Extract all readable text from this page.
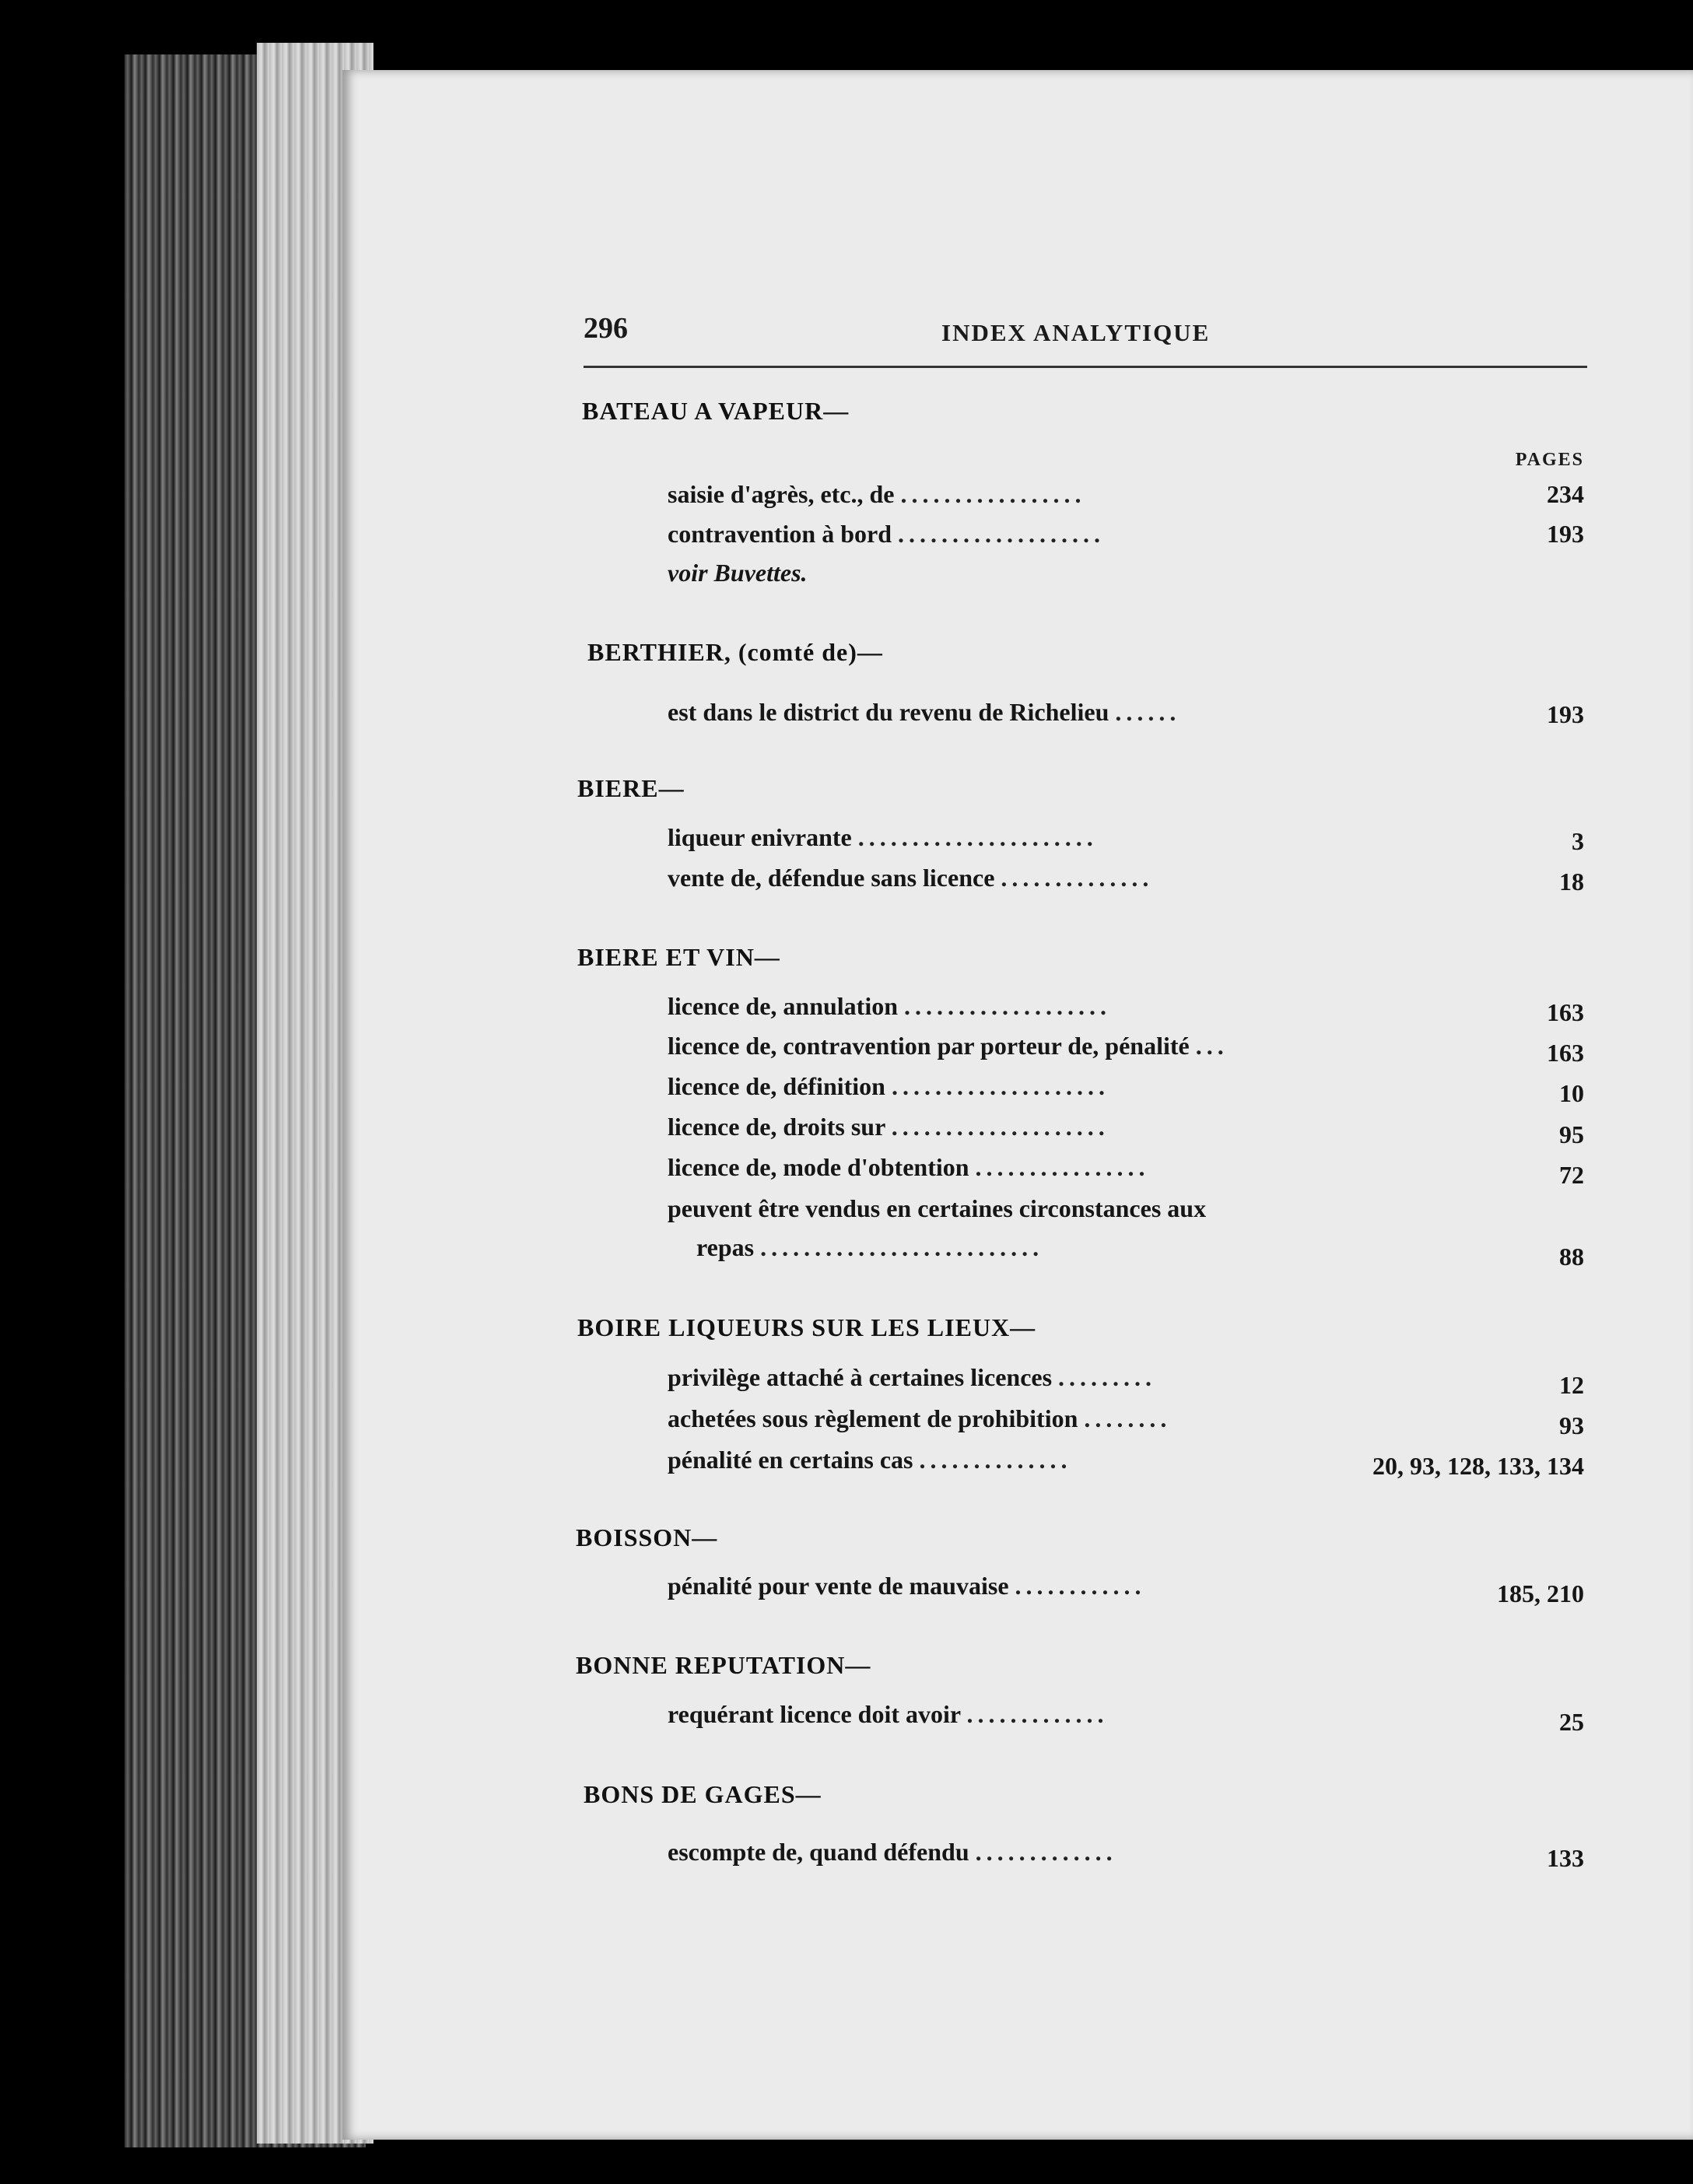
296	INDEX ANALYTIQUE
PAGES
BATEAU A VAPEUR—
saisie d'agrès, etc., de .................	234
contravention à bord ...................	193
voir Buvettes.
BERTHIER, (comté de)—
est dans le district du revenu de Richelieu ......	193
BIERE—
liqueur enivrante ......................	3
vente de, défendue sans licence ..............	18
BIERE ET VIN—
licence de, annulation ...................	163
licence de, contravention par porteur de, pénalité ...	163
licence de, définition ....................	10
licence de, droits sur ....................	95
licence de, mode d'obtention ................	72
peuvent être vendus en certaines circonstances aux
repas ..........................	88
BOIRE LIQUEURS SUR LES LIEUX—
privilège attaché à certaines licences .........	12
achetées sous règlement de prohibition ........	93
pénalité en certains cas ..............	20, 93, 128, 133, 134
BOISSON—
pénalité pour vente de mauvaise ............	185, 210
BONNE REPUTATION—
requérant licence doit avoir .............	25
BONS DE GAGES—
escompte de, quand défendu .............	133
